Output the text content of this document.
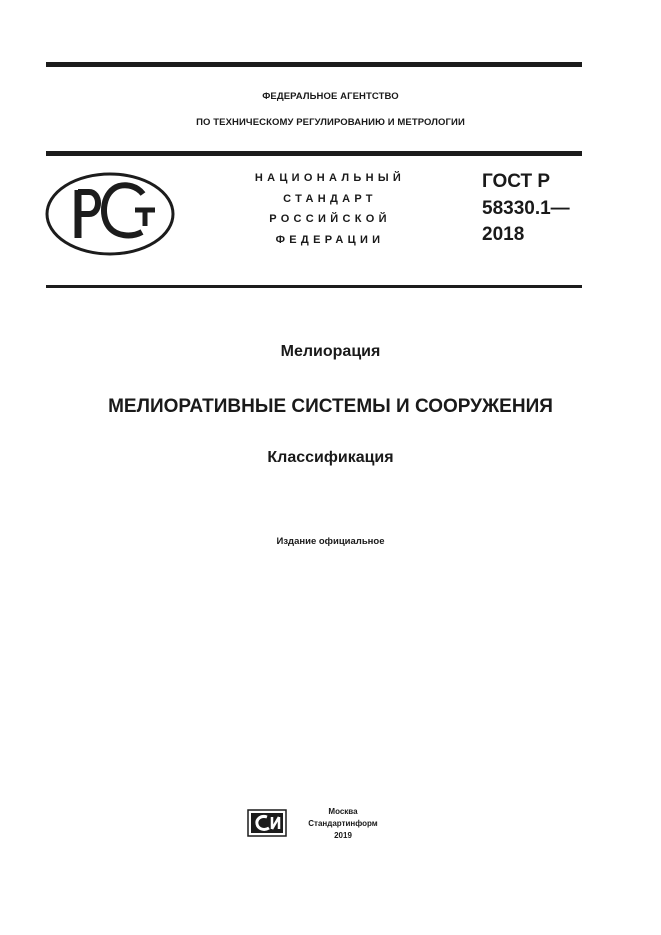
ФЕДЕРАЛЬНОЕ АГЕНТСТВО
ПО ТЕХНИЧЕСКОМУ РЕГУЛИРОВАНИЮ И МЕТРОЛОГИИ
НАЦИОНАЛЬНЫЙ
СТАНДАРТ
РОССИЙСКОЙ
ФЕДЕРАЦИИ
ГОСТ Р
58330.1—
2018
Мелиорация
МЕЛИОРАТИВНЫЕ СИСТЕМЫ И СООРУЖЕНИЯ
Классификация
Издание официальное
Москва
Стандартинформ
2019
